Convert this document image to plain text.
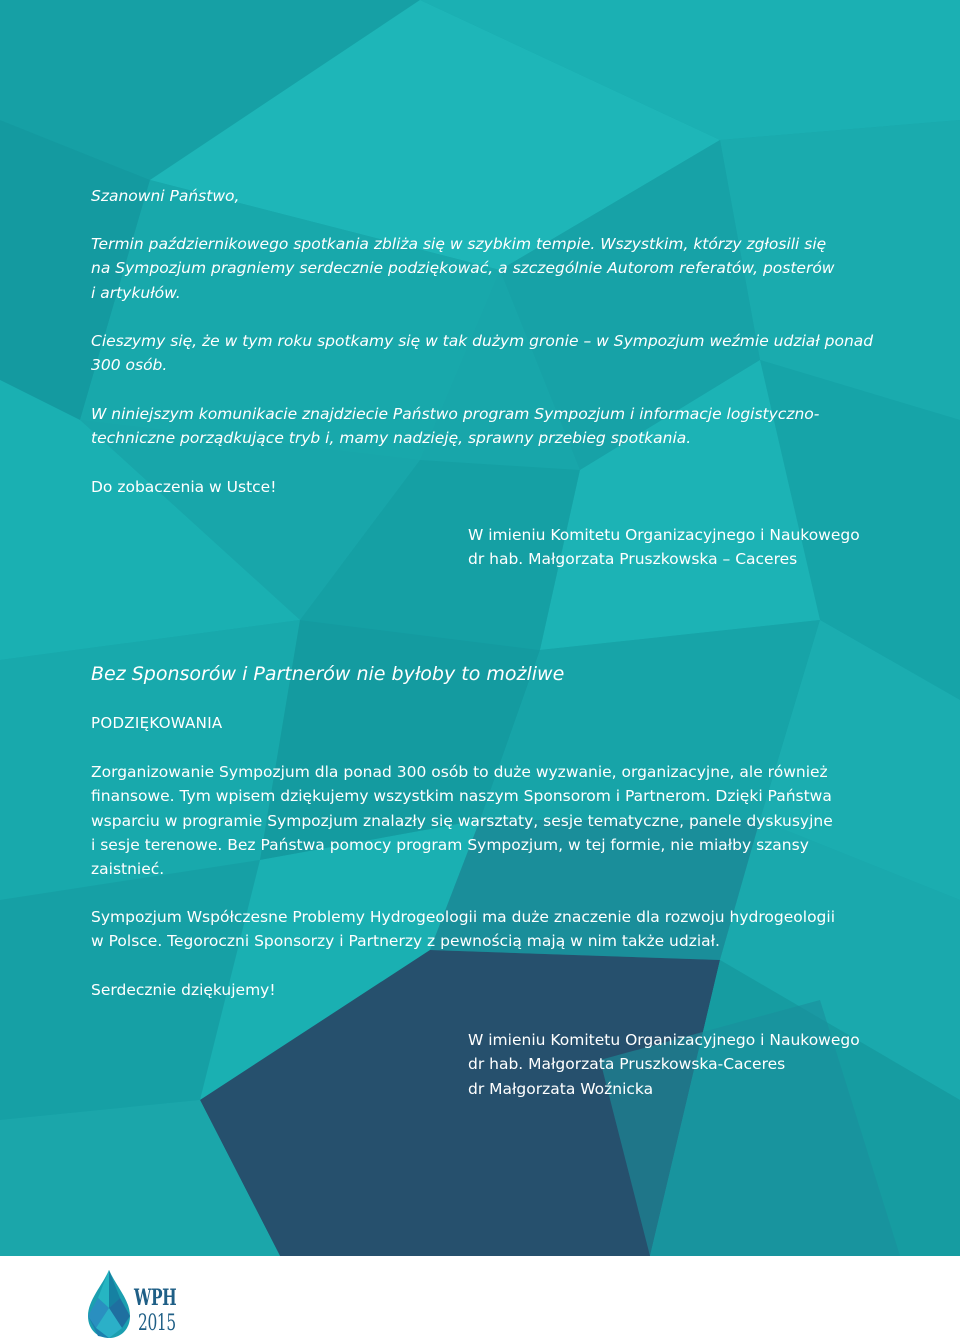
Szanowni Państwo,

Termin październikowego spotkania zbliża się w szybkim tempie. Wszystkim, którzy zgłosili się
na Sympozjum pragniemy serdecznie podziękować, a szczególnie Autorom referatów, posterów
i artykułów.

Cieszymy się, że w tym roku spotkamy się w tak dużym gronie – w Sympozjum weźmie udział ponad
300 osób.

W niniejszym komunikacie znajdziecie Państwo program Sympozjum i informacje logistyczno-
techniczne porządkujące tryb i, mamy nadzieję, sprawny przebieg spotkania.

Do zobaczenia w Ustce!

W imieniu Komitetu Organizacyjnego i Naukowego
dr hab. Małgorzata Pruszkowska – Caceres

Bez Sponsorów i Partnerów nie byłoby to możliwe

PODZIĘKOWANIA

Zorganizowanie Sympozjum dla ponad 300 osób to duże wyzwanie, organizacyjne, ale również
finansowe. Tym wpisem dziękujemy wszystkim naszym Sponsorom i Partnerom. Dzięki Państwa
wsparciu w programie Sympozjum znalazły się warsztaty, sesje tematyczne, panele dyskusyjne
i sesje terenowe. Bez Państwa pomocy program Sympozjum, w tej formie, nie miałby szansy
zaistnieć.

Sympozjum Współczesne Problemy Hydrogeologii ma duże znaczenie dla rozwoju hydrogeologii
w Polsce. Tegoroczni Sponsorzy i Partnerzy z pewnością mają w nim także udział.

Serdecznie dziękujemy!

W imieniu Komitetu Organizacyjnego i Naukowego
dr hab. Małgorzata Pruszkowska-Caceres
dr Małgorzata Woźnicka

WPH
2015
